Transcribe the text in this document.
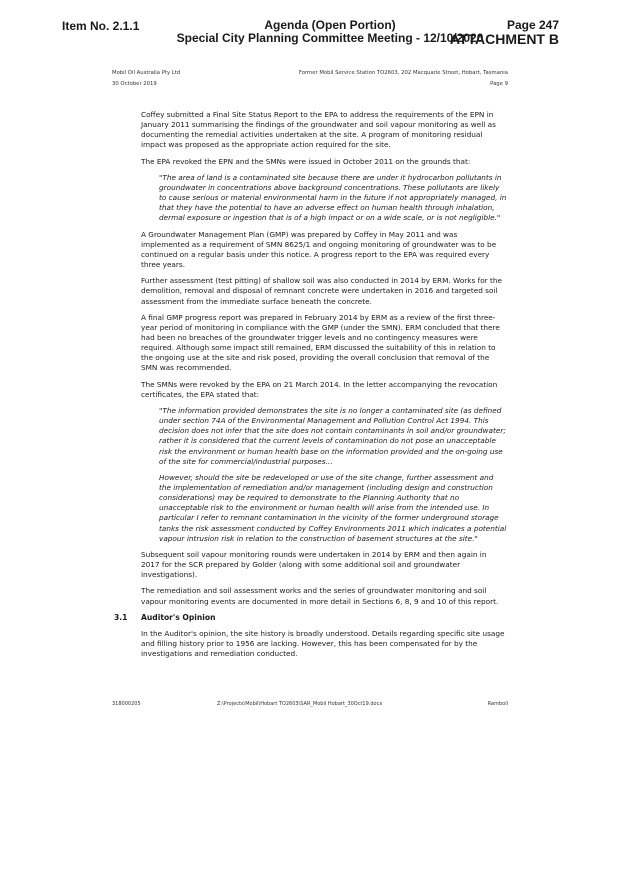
Item No. 2.1.1	Agenda (Open Portion)
Special City Planning Committee Meeting - 12/10/2020
Page 247
ATTACHMENT B
Mobil Oil Australia Pty Ltd
30 October 2019
Former Mobil Service Station TO2603, 202 Macquarie Street, Hobart, Tasmania
Page 9

Coffey submitted a Final Site Status Report to the EPA to address the requirements of the EPN in January 2011 summarising the findings of the groundwater and soil vapour monitoring as well as documenting the remedial activities undertaken at the site. A program of monitoring residual impact was proposed as the appropriate action required for the site.

The EPA revoked the EPN and the SMNs were issued in October 2011 on the grounds that:

"The area of land is a contaminated site because there are under it hydrocarbon pollutants in groundwater in concentrations above background concentrations. These pollutants are likely to cause serious or material environmental harm in the future if not appropriately managed, in that they have the potential to have an adverse effect on human health through inhalation, dermal exposure or ingestion that is of a high impact or on a wide scale, or is not negligible."

A Groundwater Management Plan (GMP) was prepared by Coffey in May 2011 and was implemented as a requirement of SMN 8625/1 and ongoing monitoring of groundwater was to be continued on a regular basis under this notice. A progress report to the EPA was required every three years.

Further assessment (test pitting) of shallow soil was also conducted in 2014 by ERM. Works for the demolition, removal and disposal of remnant concrete were undertaken in 2016 and targeted soil assessment from the immediate surface beneath the concrete.

A final GMP progress report was prepared in February 2014 by ERM as a review of the first three-year period of monitoring in compliance with the GMP (under the SMN). ERM concluded that there had been no breaches of the groundwater trigger levels and no contingency measures were required. Although some impact still remained, ERM discussed the suitability of this in relation to the ongoing use at the site and risk posed, providing the overall conclusion that removal of the SMN was recommended.

The SMNs were revoked by the EPA on 21 March 2014. In the letter accompanying the revocation certificates, the EPA stated that:

"The information provided demonstrates the site is no longer a contaminated site (as defined under section 74A of the Environmental Management and Pollution Control Act 1994. This decision does not infer that the site does not contain contaminants in soil and/or groundwater; rather it is considered that the current levels of contamination do not pose an unacceptable risk the environment or human health base on the information provided and the on-going use of the site for commercial/industrial purposes…

However, should the site be redeveloped or use of the site change, further assessment and the implementation of remediation and/or management (including design and construction considerations) may be required to demonstrate to the Planning Authority that no unacceptable risk to the environment or human health will arise from the intended use. In particular I refer to remnant contamination in the vicinity of the former underground storage tanks the risk assessment conducted by Coffey Environments 2011 which indicates a potential vapour intrusion risk in relation to the construction of basement structures at the site."

Subsequent soil vapour monitoring rounds were undertaken in 2014 by ERM and then again in 2017 for the SCR prepared by Golder (along with some additional soil and groundwater investigations).

The remediation and soil assessment works and the series of groundwater monitoring and soil vapour monitoring events are documented in more detail in Sections 6, 8, 9 and 10 of this report.

3.1 Auditor's Opinion

In the Auditor's opinion, the site history is broadly understood. Details regarding specific site usage and filling history prior to 1956 are lacking. However, this has been compensated for by the investigations and remediation conducted.

318000205	Z:\Projects\Mobil\Hobart TO2603\SAR_Mobil Hobart_30Oct19.docx	Ramboll
